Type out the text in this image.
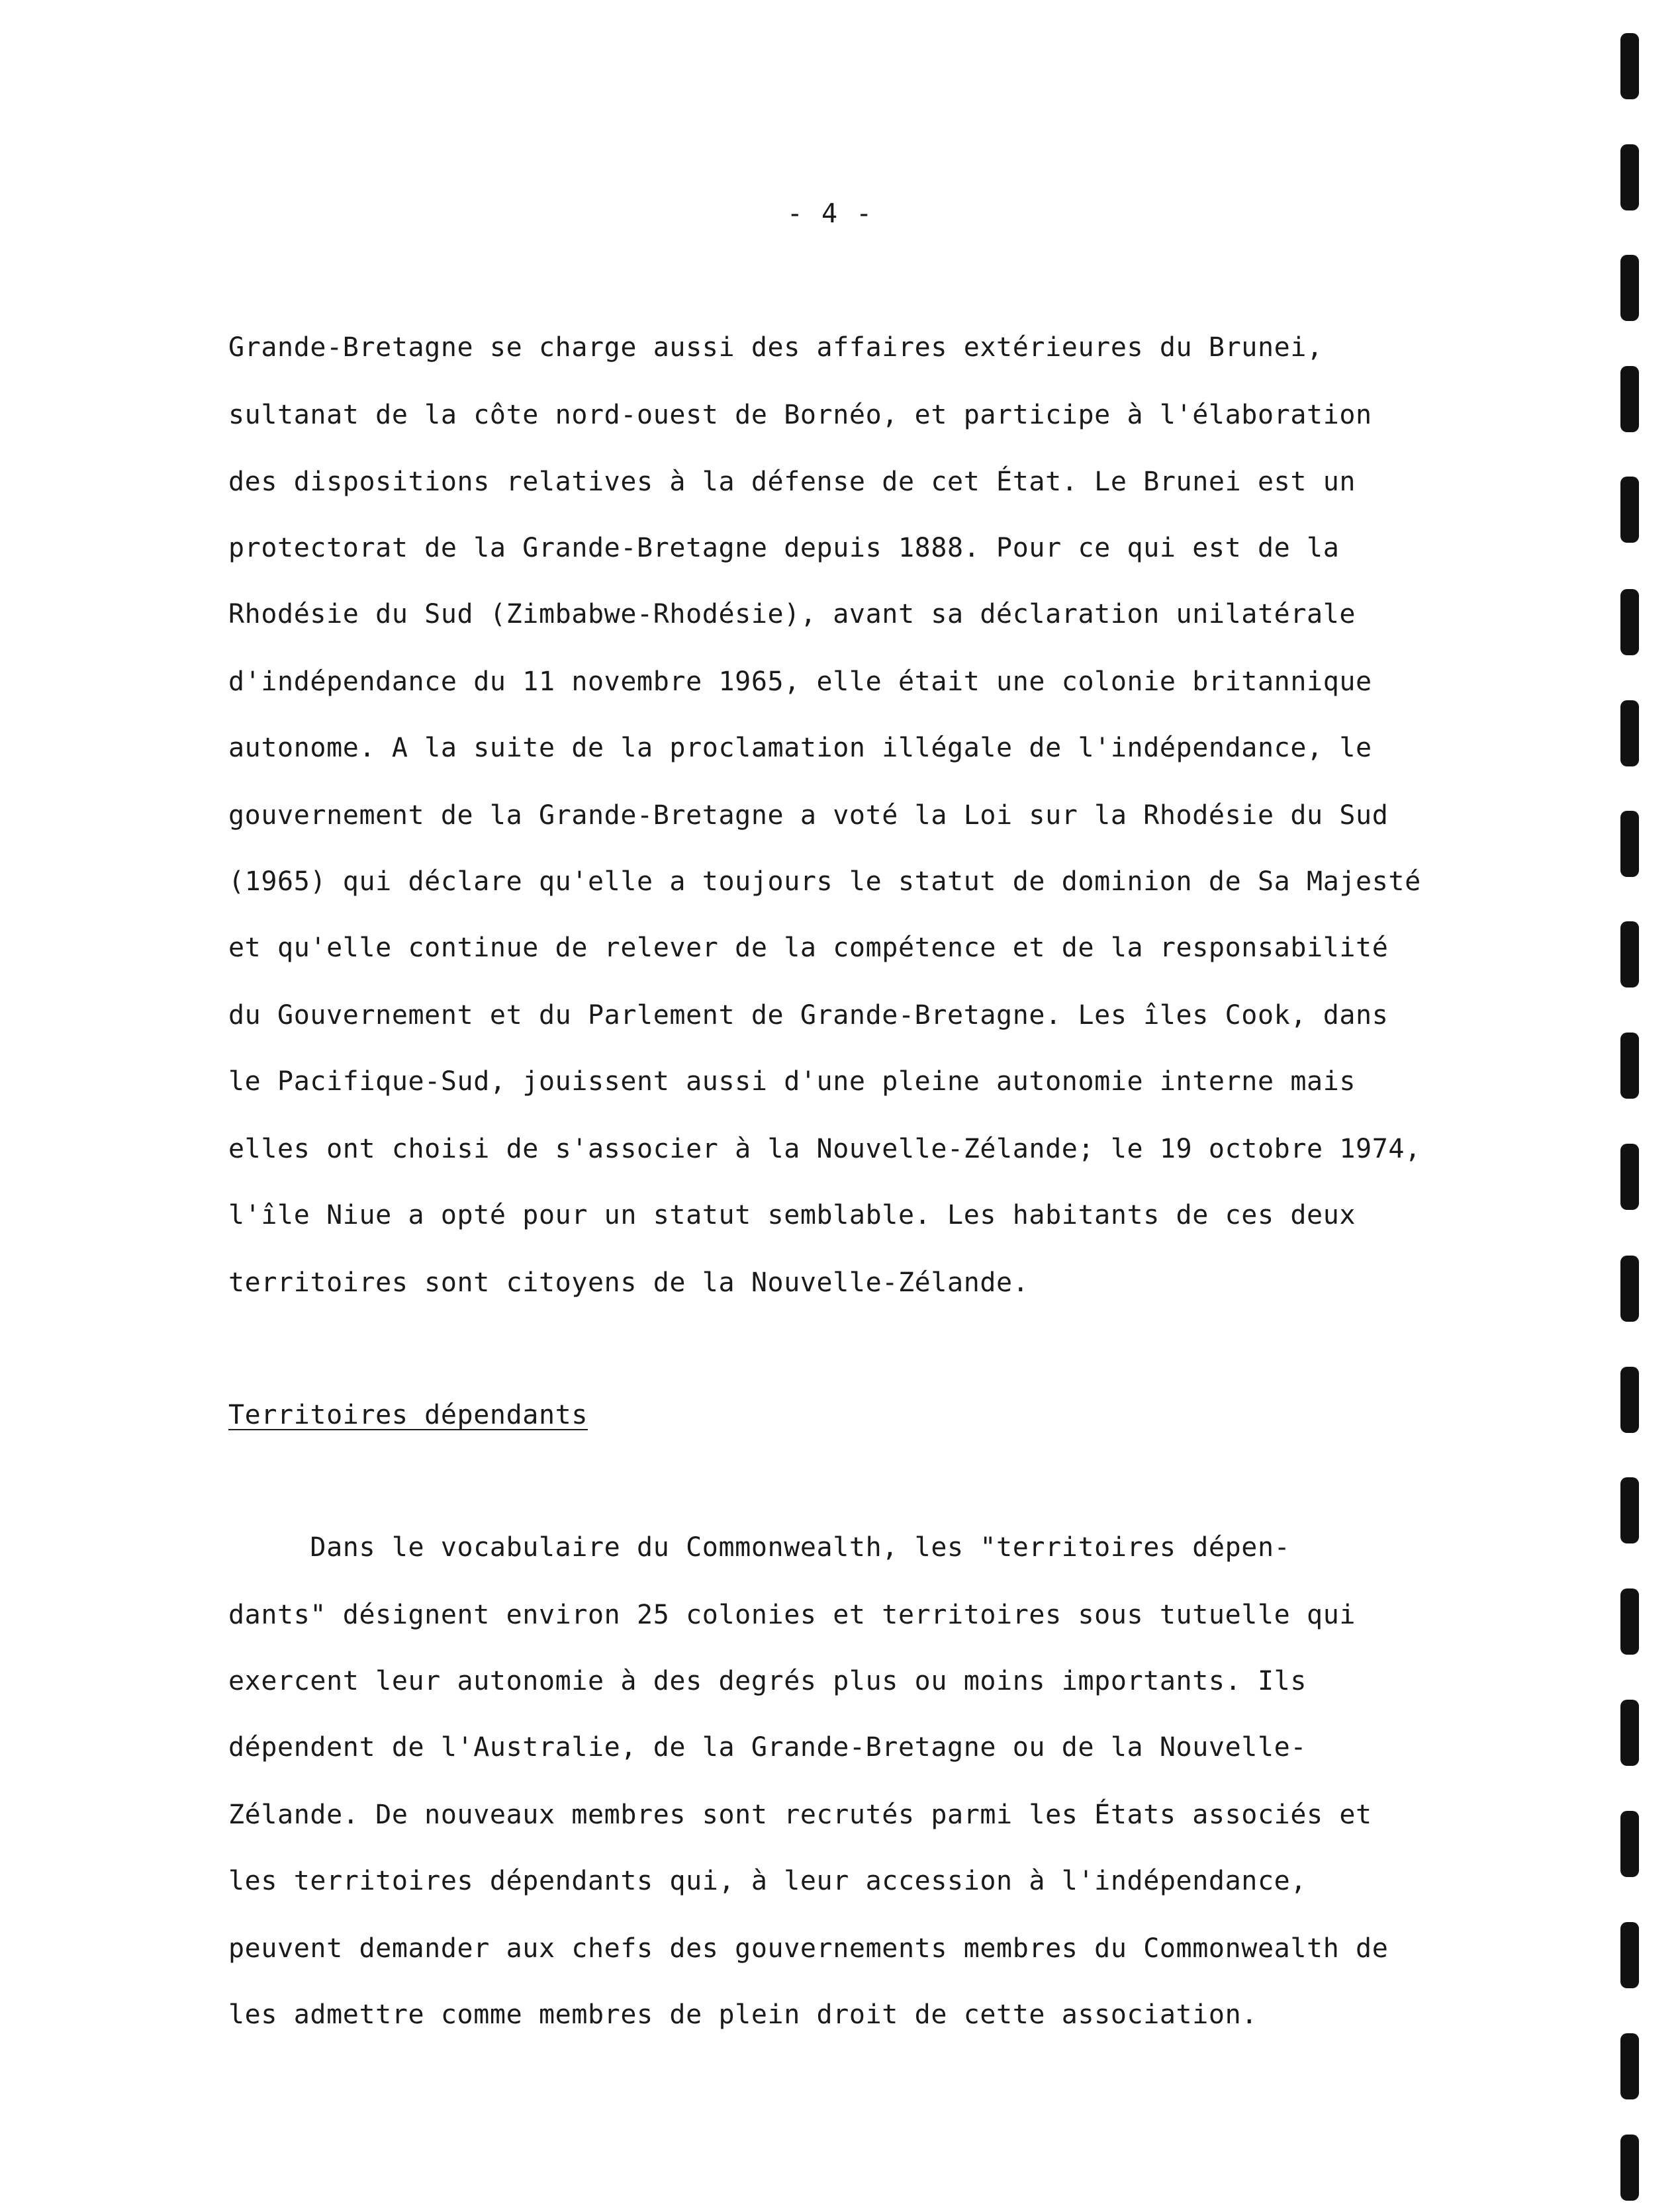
- 4 -
Grande-Bretagne se charge aussi des affaires extérieures du Brunei,
sultanat de la côte nord-ouest de Bornéo, et participe à l'élaboration
des dispositions relatives à la défense de cet État. Le Brunei est un
protectorat de la Grande-Bretagne depuis 1888. Pour ce qui est de la
Rhodésie du Sud (Zimbabwe-Rhodésie), avant sa déclaration unilatérale
d'indépendance du 11 novembre 1965, elle était une colonie britannique
autonome. A la suite de la proclamation illégale de l'indépendance, le
gouvernement de la Grande-Bretagne a voté la Loi sur la Rhodésie du Sud
(1965) qui déclare qu'elle a toujours le statut de dominion de Sa Majesté
et qu'elle continue de relever de la compétence et de la responsabilité
du Gouvernement et du Parlement de Grande-Bretagne. Les îles Cook, dans
le Pacifique-Sud, jouissent aussi d'une pleine autonomie interne mais
elles ont choisi de s'associer à la Nouvelle-Zélande; le 19 octobre 1974,
l'île Niue a opté pour un statut semblable. Les habitants de ces deux
territoires sont citoyens de la Nouvelle-Zélande.
Territoires dépendants
Dans le vocabulaire du Commonwealth, les "territoires dépen-
dants" désignent environ 25 colonies et territoires sous tutuelle qui
exercent leur autonomie à des degrés plus ou moins importants. Ils
dépendent de l'Australie, de la Grande-Bretagne ou de la Nouvelle-
Zélande. De nouveaux membres sont recrutés parmi les États associés et
les territoires dépendants qui, à leur accession à l'indépendance,
peuvent demander aux chefs des gouvernements membres du Commonwealth de
les admettre comme membres de plein droit de cette association.
